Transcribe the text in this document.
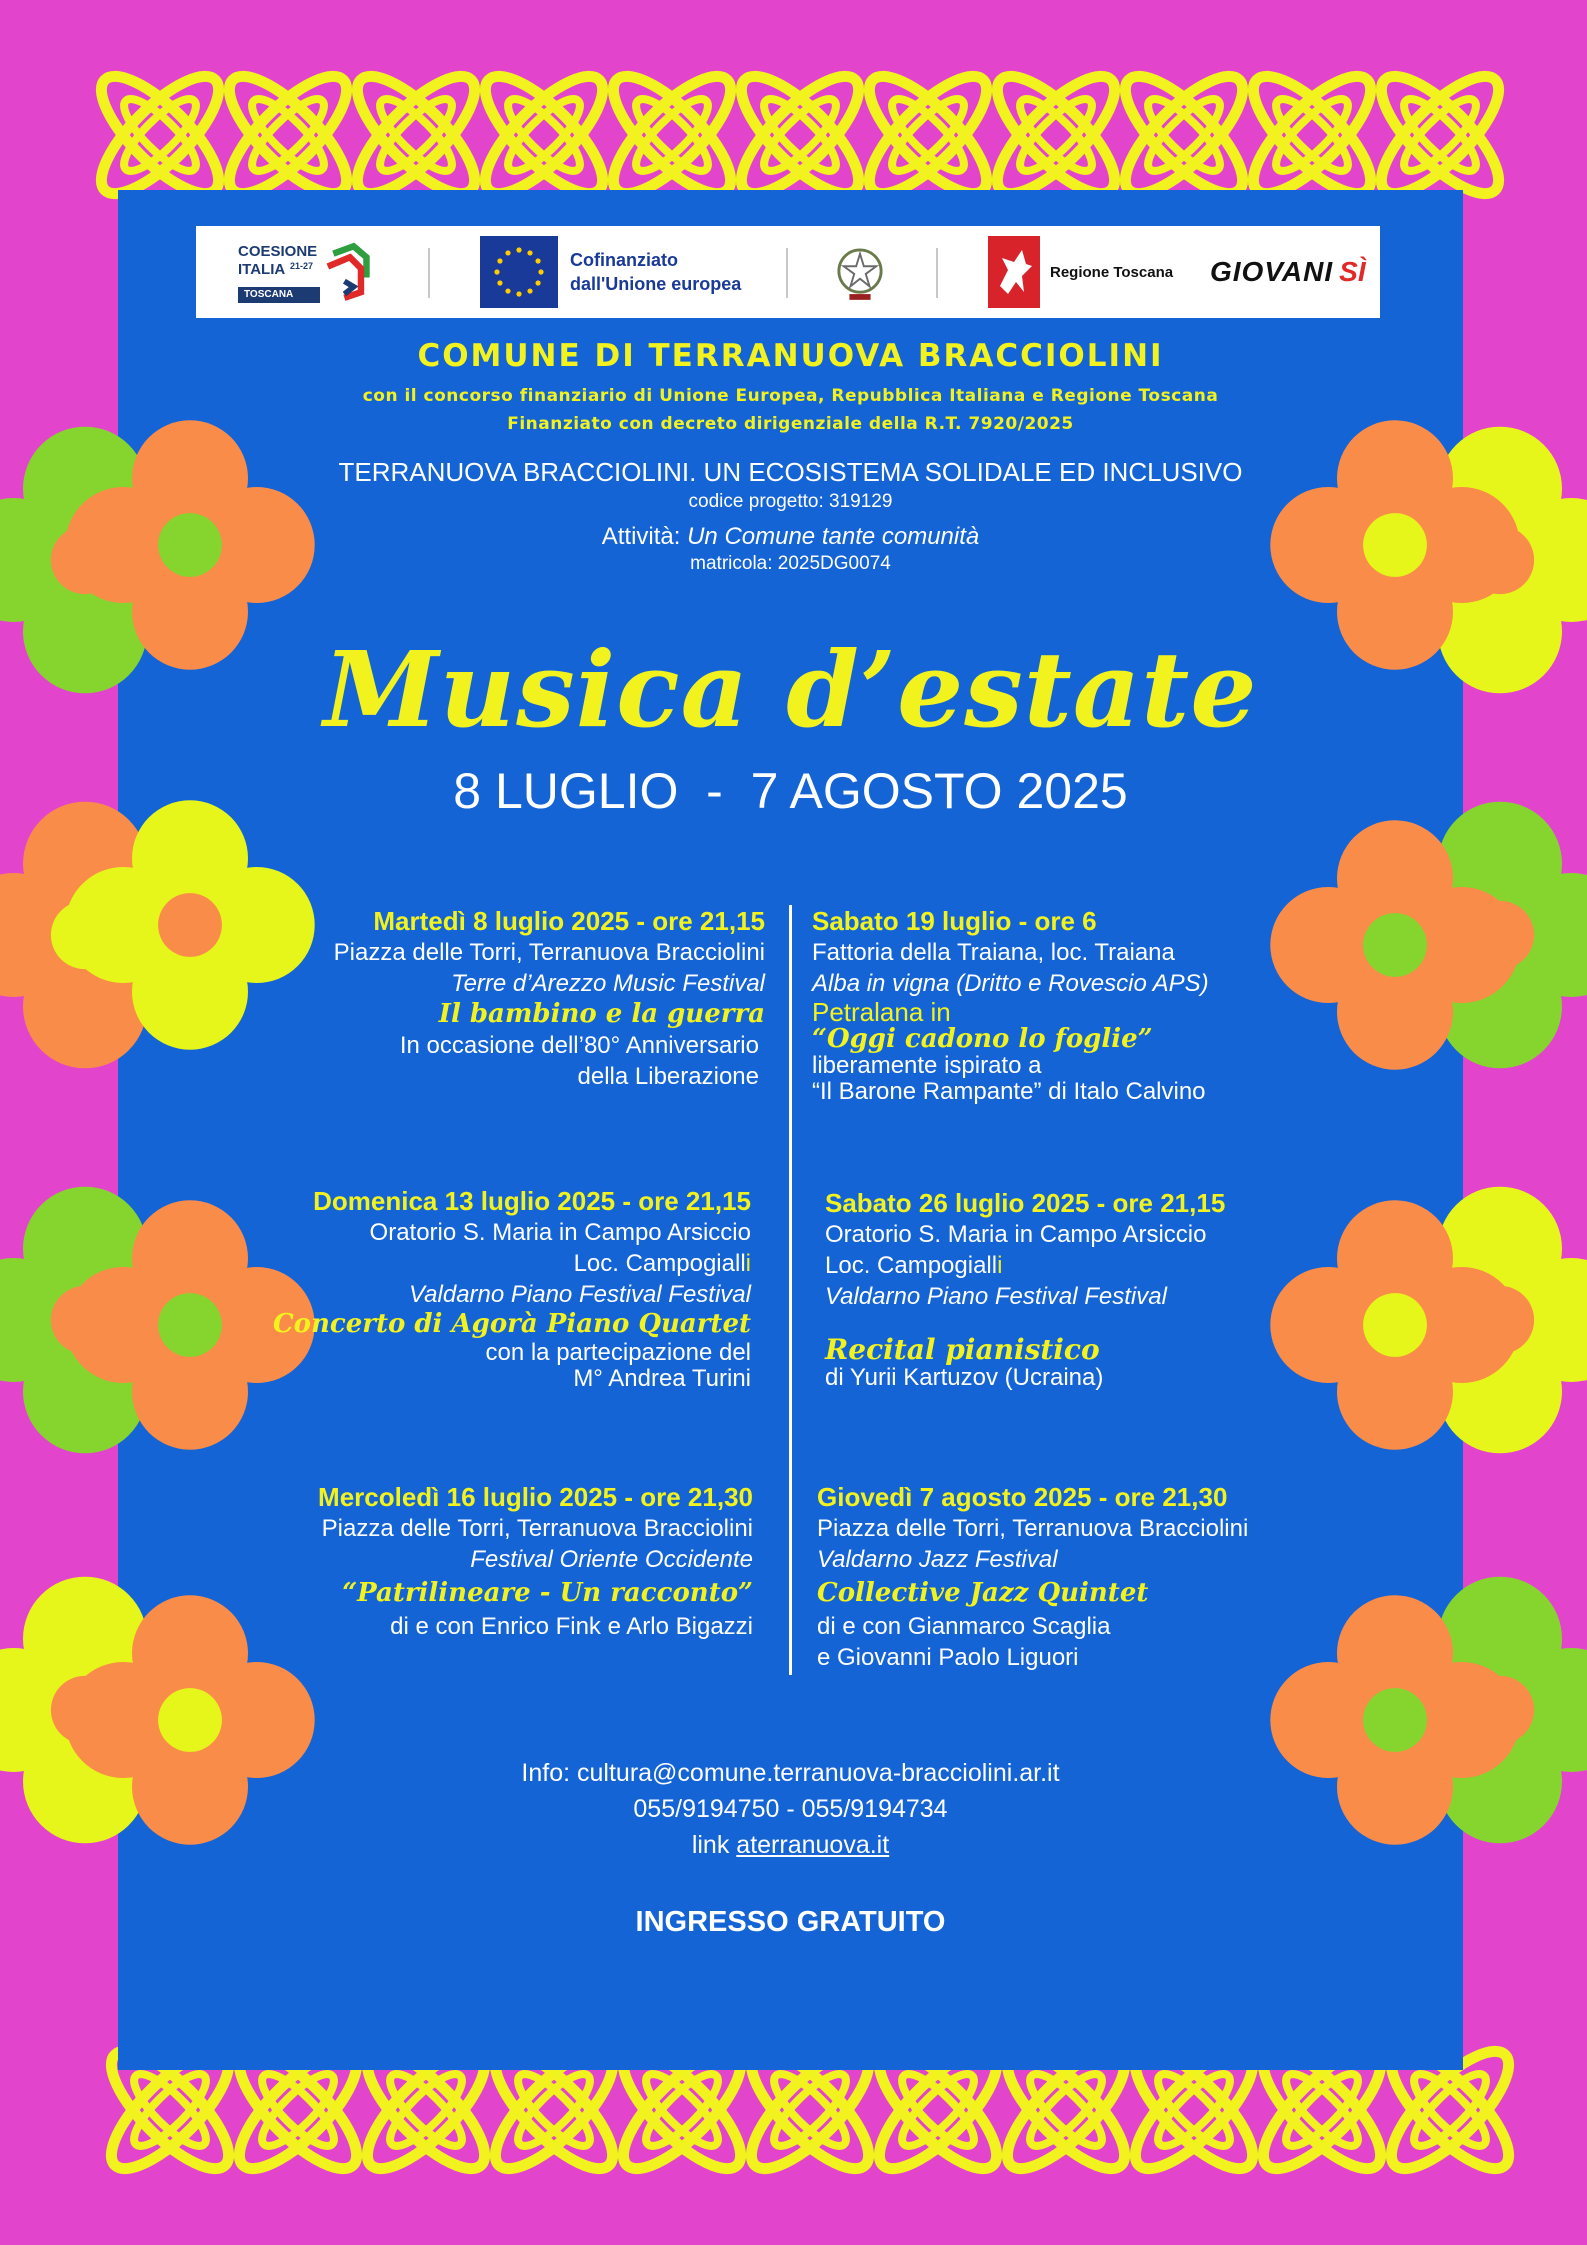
COESIONE
ITALIA 21-27
TOSCANA
Cofinanziato
dall'Unione europea
Regione Toscana GIOVANI SÌ
COMUNE DI TERRANUOVA BRACCIOLINI

con il concorso finanziario di Unione Europea, Repubblica Italiana e Regione Toscana

Finanziato con decreto dirigenziale della R.T. 7920/2025

TERRANUOVA BRACCIOLINI. UN ECOSISTEMA SOLIDALE ED INCLUSIVO

codice progetto: 319129

Attività: Un Comune tante comunità

matricola: 2025DG0074

Musica d’estate

8 LUGLIO  -  7 AGOSTO 2025

Martedì 8 luglio 2025 - ore 21,15
Piazza delle Torri, Terranuova Bracciolini
Terre d’Arezzo Music Festival
Il bambino e la guerra
In occasione dell’80° Anniversario
della Liberazione
Sabato 19 luglio - ore 6
Fattoria della Traiana, loc. Traiana
Alba in vigna (Dritto e Rovescio APS)
Petralana in
“Oggi cadono lo foglie”
liberamente ispirato a
“Il Barone Rampante” di Italo Calvino
Domenica 13 luglio 2025 - ore 21,15
Oratorio S. Maria in Campo Arsiccio
Loc. Campogialli
Valdarno Piano Festival Festival
Concerto di Agorà Piano Quartet
con la partecipazione del
M° Andrea Turini
Sabato 26 luglio 2025 - ore 21,15
Oratorio S. Maria in Campo Arsiccio
Loc. Campogialli
Valdarno Piano Festival Festival
Recital pianistico
di Yurii Kartuzov (Ucraina)
Mercoledì 16 luglio 2025 - ore 21,30
Piazza delle Torri, Terranuova Bracciolini
Festival Oriente Occidente
“Patrilineare - Un racconto”
di e con Enrico Fink e Arlo Bigazzi
Giovedì 7 agosto 2025 - ore 21,30
Piazza delle Torri, Terranuova Bracciolini
Valdarno Jazz Festival
Collective Jazz Quintet
di e con Gianmarco Scaglia
e Giovanni Paolo Liguori

Info: cultura@comune.terranuova-bracciolini.ar.it

055/9194750 - 055/9194734

link aterranuova.it

INGRESSO GRATUITO
